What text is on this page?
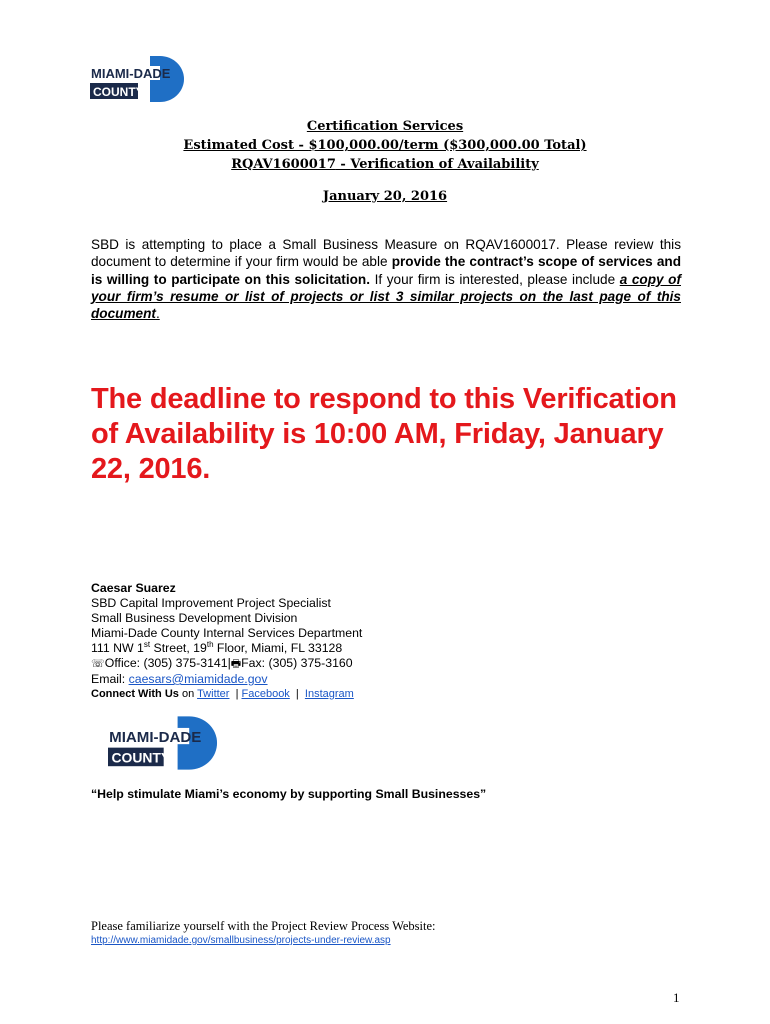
MIAMI-DADE
COUNTY
Certification Services
Estimated Cost - $100,000.00/term ($300,000.00 Total)
RQAV1600017 - Verification of Availability
January 20, 2016
SBD is attempting to place a Small Business Measure on RQAV1600017. Please review this document to determine if your firm would be able provide the contract’s scope of services and is willing to participate on this solicitation. If your firm is interested, please include a copy of your firm’s resume or list of projects or list 3 similar projects on the last page of this document.
The deadline to respond to this Verification of Availability is 10:00 AM, Friday, January 22, 2016.
Caesar Suarez
SBD Capital Improvement Project Specialist
Small Business Development Division
Miami-Dade County Internal Services Department
111 NW 1st Street, 19th Floor, Miami, FL 33128
☏Office: (305) 375-3141|🖶Fax: (305) 375-3160
Email: caesars@miamidade.gov
Connect With Us on Twitter  | Facebook  |  Instagram
MIAMI-DADE
COUNTY
“Help stimulate Miami’s economy by supporting Small Businesses”
Please familiarize yourself with the Project Review Process Website:
http://www.miamidade.gov/smallbusiness/projects-under-review.asp
1
